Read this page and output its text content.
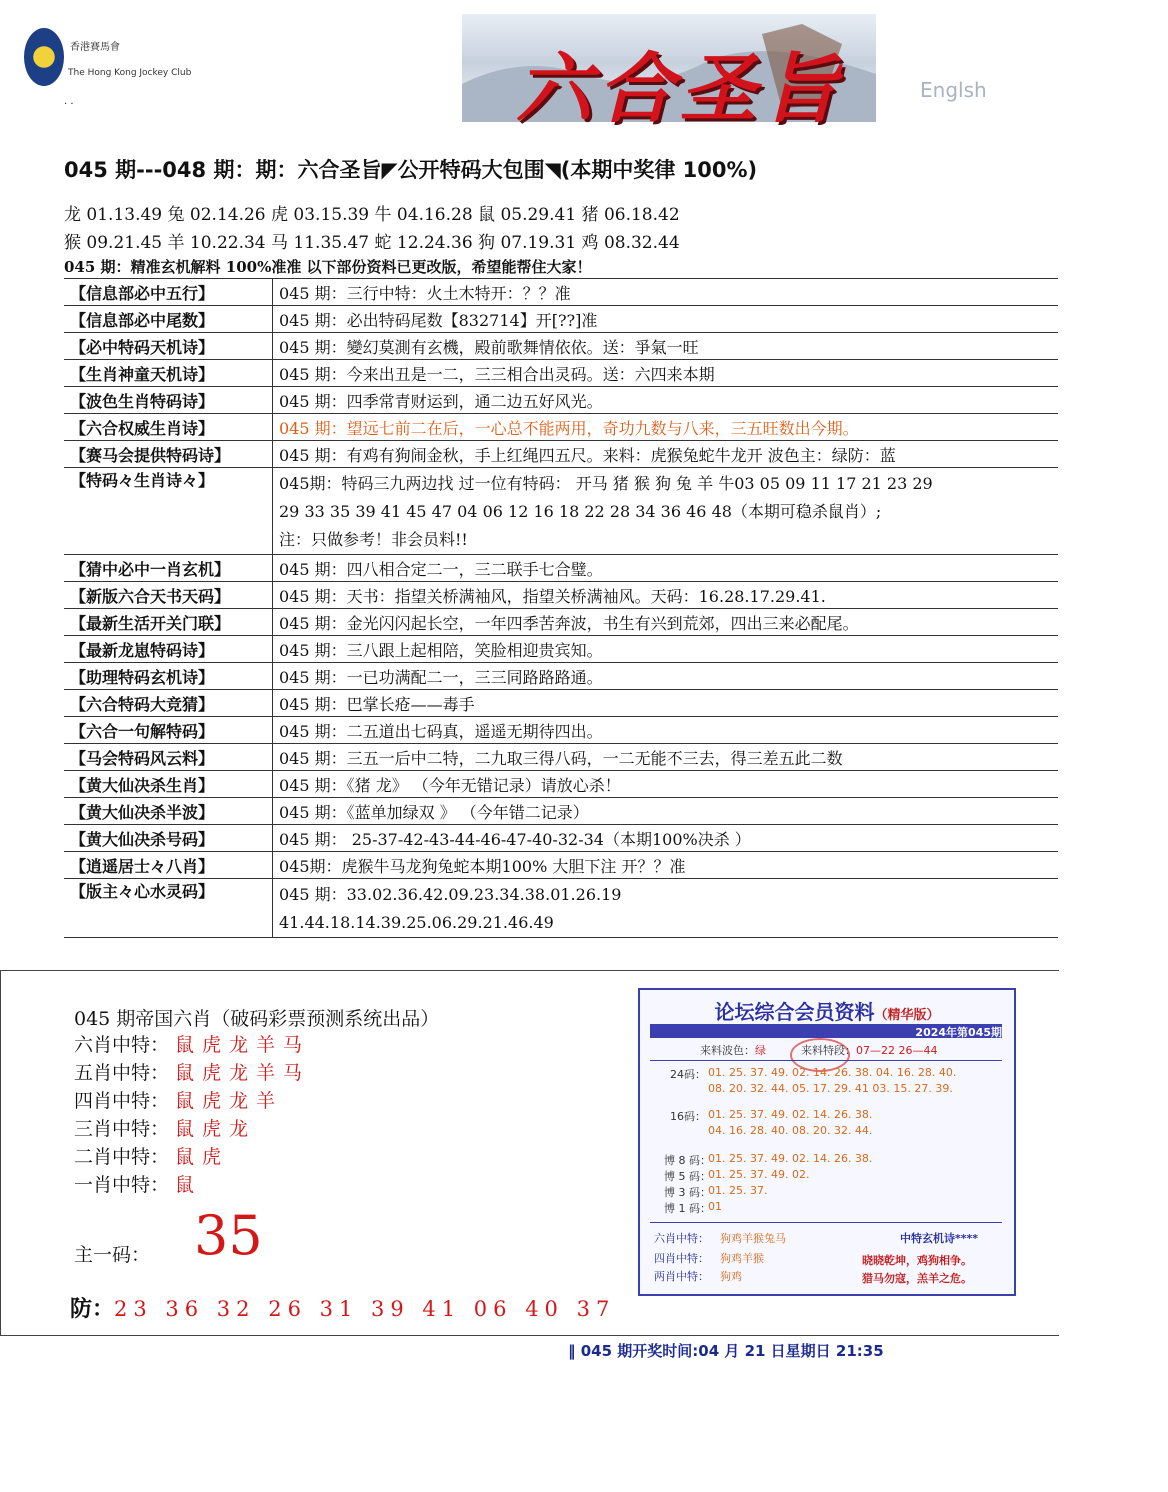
香港賽馬會
The Hong Kong Jockey Club
. .	六合圣旨	Englsh
045 期---048 期：期：六合圣旨◤公开特码大包围◥(本期中奖律 100%)
龙 01.13.49 兔 02.14.26 虎 03.15.39 牛 04.16.28 鼠 05.29.41 猪 06.18.42
猴 09.21.45 羊 10.22.34 马 11.35.47 蛇 12.24.36 狗 07.19.31 鸡 08.32.44
045 期：精准玄机解料 100%准准 以下部份资料已更改版，希望能帮住大家！
【信息部必中五行】	045 期：三行中特：火土木特开：？？准
【信息部必中尾数】	045 期：必出特码尾数【832714】开[??]准
【必中特码天机诗】	045 期：變幻莫測有玄機，殿前歌舞情依依。送：爭氣一旺
【生肖神童天机诗】	045 期：今来出丑是一二，三三相合出灵码。送：六四来本期
【波色生肖特码诗】	045 期：四季常青财运到，通二边五好风光。
【六合权威生肖诗】	045 期：望远七前二在后，一心总不能两用，奇功九数与八来，三五旺数出今期。
【赛马会提供特码诗】	045 期：有鸡有狗闹金秋，手上红绳四五尺。来料：虎猴兔蛇牛龙开 波色主：绿防：蓝
【特码々生肖诗々】	045期：特码三九两边找 过一位有特码： 开马 猪 猴 狗 兔 羊 牛03 05 09 11 17 21 23 29
29 33 35 39 41 45 47 04 06 12 16 18 22 28 34 36 46 48（本期可稳杀鼠肖）;
注：只做参考！非会员料!!

【猜中必中一肖玄机】	045 期：四八相合定二一，三二联手七合璧。
【新版六合天书天码】	045 期：天书：指望关桥满袖风，指望关桥满袖风。天码：16.28.17.29.41.
【最新生活开关门联】	045 期：金光闪闪起长空，一年四季苦奔波，书生有兴到荒郊，四出三来必配尾。
【最新龙崽特码诗】	045 期：三八跟上起相陪，笑脸相迎贵宾知。
【助理特码玄机诗】	045 期：一已功满配二一，三三同路路路通。
【六合特码大竞猜】	045 期：巴掌长疮——毒手
【六合一句解特码】	045 期：二五道出七码真，遥遥无期待四出。
【马会特码风云料】	045 期：三五一后中二特，二九取三得八码，一二无能不三去，得三差五此二数
【黄大仙决杀生肖】	045 期：《猪 龙》 （今年无错记录）请放心杀！
【黄大仙决杀半波】	045 期：《蓝单加绿双 》 （今年错二记录）
【黄大仙决杀号码】	045 期： 25-37-42-43-44-46-47-40-32-34（本期100%决杀 ）
【逍遥居士々八肖】	045期：虎猴牛马龙狗兔蛇本期100% 大胆下注 开？？准
【版主々心水灵码】	045 期：33.02.36.42.09.23.34.38.01.26.19
41.44.18.14.39.25.06.29.21.46.49
045 期帝国六肖（破码彩票预测系统出品）
六肖中特： 鼠虎龙羊马
五肖中特： 鼠虎龙羊马
四肖中特： 鼠虎龙羊
三肖中特： 鼠虎龙
二肖中特： 鼠虎
一肖中特： 鼠
主一码： 35
防：23 36 32 26 31 39 41 06 40 37
论坛综合会员资料（精华版）
2024年第045期
来料波色：绿	来料特段：07—22 26—44
24码： 01. 25. 37. 49. 02. 14. 26. 38. 04. 16. 28. 40.
08. 20. 32. 44. 05. 17. 29. 41 03. 15. 27. 39.
16码： 01. 25. 37. 49. 02. 14. 26. 38.
04. 16. 28. 40. 08. 20. 32. 44.
博 8 码：
01. 25. 37. 49. 02. 14. 26. 38.
博 5 码：
01. 25. 37. 49. 02.
博 3 码：
01. 25. 37.
博 1 码：
01
六肖中特： 狗鸡羊猴兔马
四肖中特： 狗鸡羊猴
两肖中特： 狗鸡
中特玄机诗****
晓晓乾坤，鸡狗相争。
猎马勿寇，羔羊之危。
‖ 045 期开奖时间:04 月 21 日星期日 21:35
